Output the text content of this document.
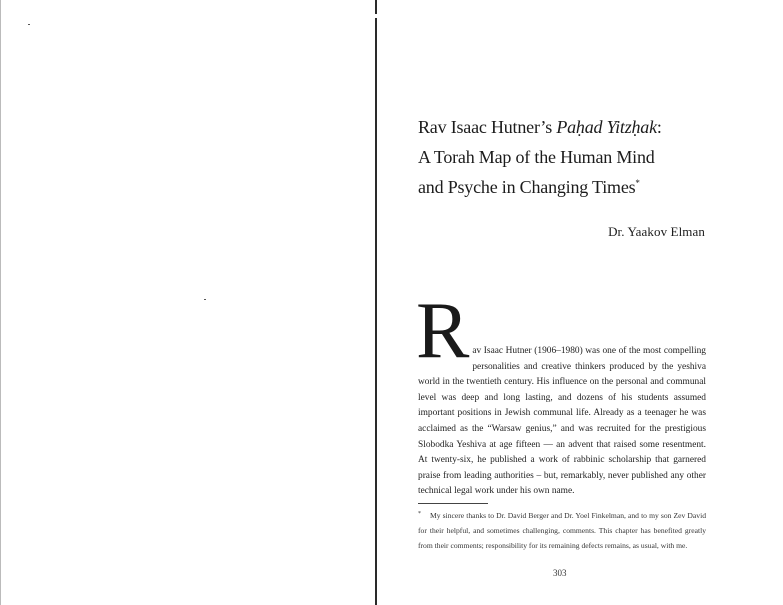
Rav Isaac Hutner’s Paḥad Yitzḥak:
A Torah Map of the Human Mind
and Psyche in Changing Times*
Dr. Yaakov Elman
R av Isaac Hutner (1906–1980) was one of the most compelling personalities and creative thinkers produced by the yeshiva world in the twentieth century. His influence on the personal and communal level was deep and long lasting, and dozens of his students assumed important positions in Jewish communal life. Already as a teenager he was acclaimed as the “Warsaw genius,” and was recruited for the prestigious Slobodka Yeshiva at age fifteen — an advent that raised some resentment. At twenty-six, he published a work of rabbinic scholarship that garnered praise from leading authorities – but, remarkably, never published any other technical legal work under his own name.

* My sincere thanks to Dr. David Berger and Dr. Yoel Finkelman, and to my son Zev David for their helpful, and sometimes challenging, comments. This chapter has benefited greatly from their comments; responsibility for its remaining defects remains, as usual, with me.
303
